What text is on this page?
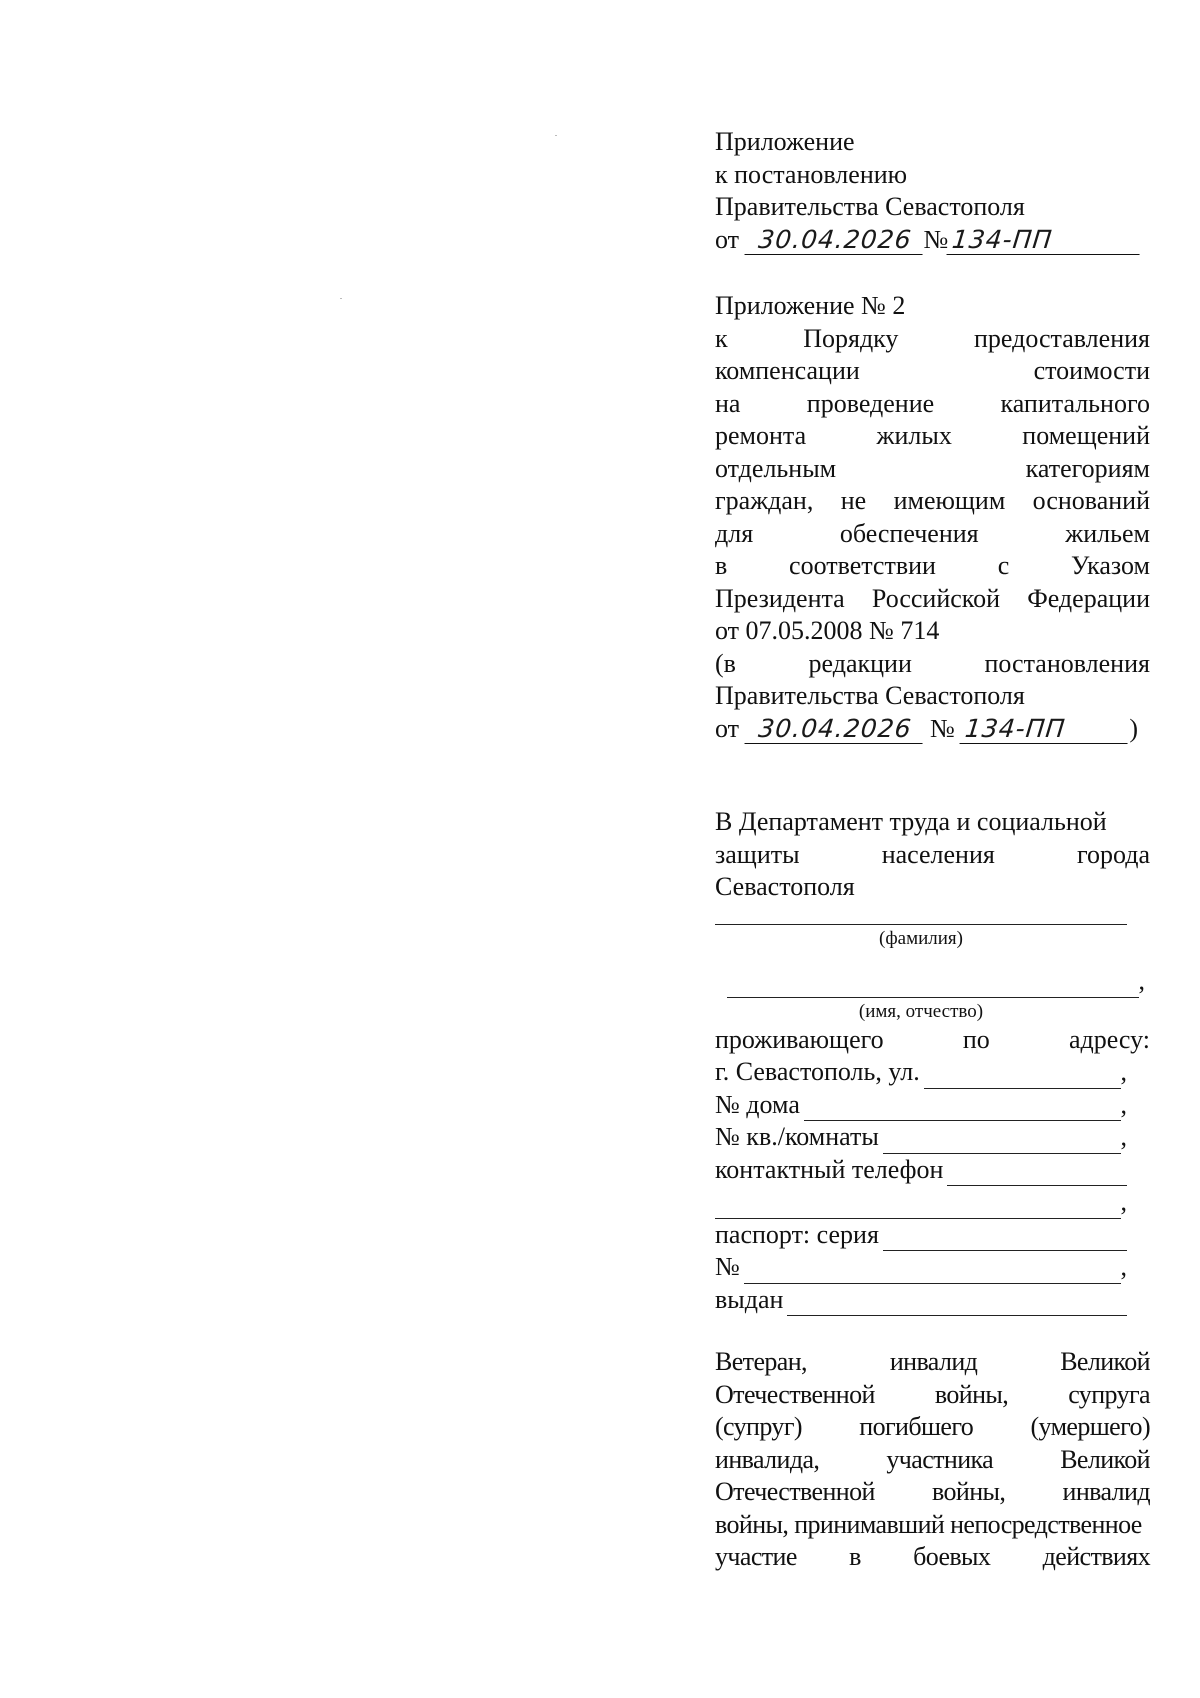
Приложение
к постановлению
Правительства Севастополя
от 30.04.2026 № 134-ПП
Приложение № 2
к	Порядку	предоставления
компенсации	стоимости
на	проведение	капитального
ремонта	жилых	помещений
отдельным	категориям
граждан, не имеющим оснований
для	обеспечения	жильем
в соответствии с Указом
Президента Российской Федерации
от 07.05.2008 № 714
(в	редакции	постановления
Правительства Севастополя
от 30.04.2026 № 134-ПП )
В Департамент труда и социальной
защиты	населения	города
Севастополя
(фамилия)
,
(имя, отчество)
проживающего	по	адресу:
г. Севастополь, ул.	,
№ дома	,
№ кв./комнаты	,
контактный телефон
,
паспорт: серия
№	,
выдан
Ветеран,	инвалид	Великой
Отечественной войны, супруга
(супруг) погибшего (умершего)
инвалида,	участника	Великой
Отечественной войны, инвалид
войны, принимавший непосредственное
участие в боевых действиях
